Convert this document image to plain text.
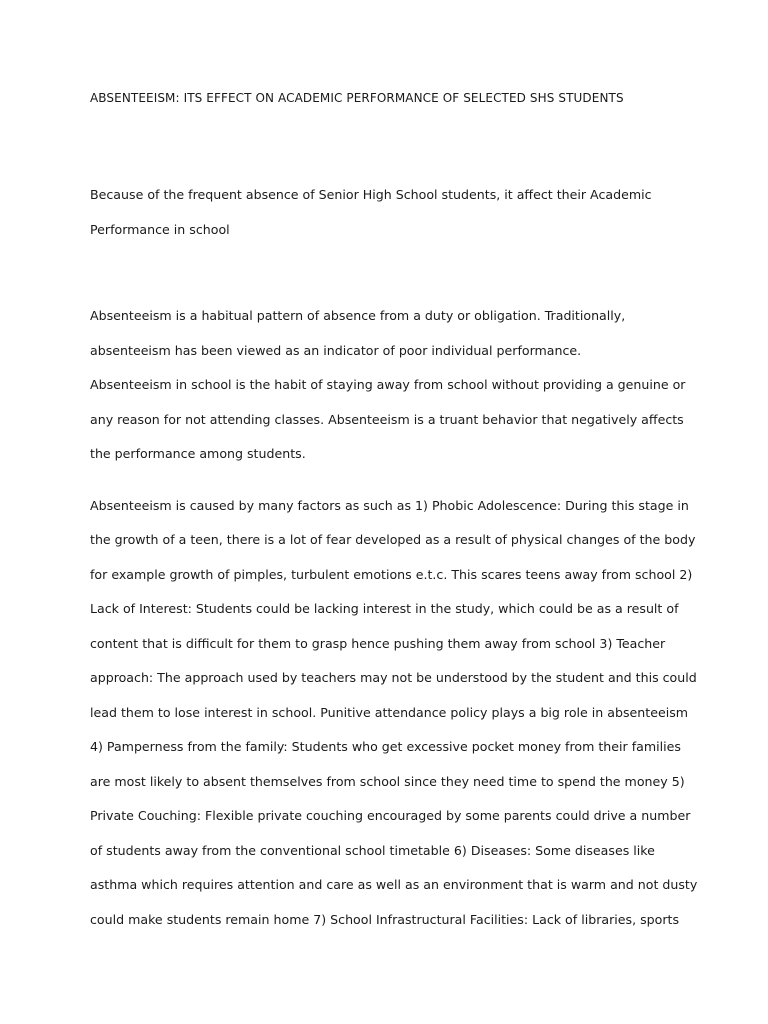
ABSENTEEISM: ITS EFFECT ON ACADEMIC PERFORMANCE OF SELECTED SHS STUDENTS

Because of the frequent absence of Senior High School students, it affect their Academic
Performance in school

Absenteeism is a habitual pattern of absence from a duty or obligation. Traditionally,
absenteeism has been viewed as an indicator of poor individual performance.

Absenteeism in school is the habit of staying away from school without providing a genuine or
any reason for not attending classes. Absenteeism is a truant behavior that negatively affects
the performance among students.

Absenteeism is caused by many factors as such as 1) Phobic Adolescence: During this stage in
the growth of a teen, there is a lot of fear developed as a result of physical changes of the body
for example growth of pimples, turbulent emotions e.t.c. This scares teens away from school 2)
Lack of Interest: Students could be lacking interest in the study, which could be as a result of
content that is difficult for them to grasp hence pushing them away from school 3) Teacher
approach: The approach used by teachers may not be understood by the student and this could
lead them to lose interest in school. Punitive attendance policy plays a big role in absenteeism
4) Pamperness from the family: Students who get excessive pocket money from their families
are most likely to absent themselves from school since they need time to spend the money 5)
Private Couching: Flexible private couching encouraged by some parents could drive a number
of students away from the conventional school timetable 6) Diseases: Some diseases like
asthma which requires attention and care as well as an environment that is warm and not dusty
could make students remain home 7) School Infrastructural Facilities: Lack of libraries, sports
